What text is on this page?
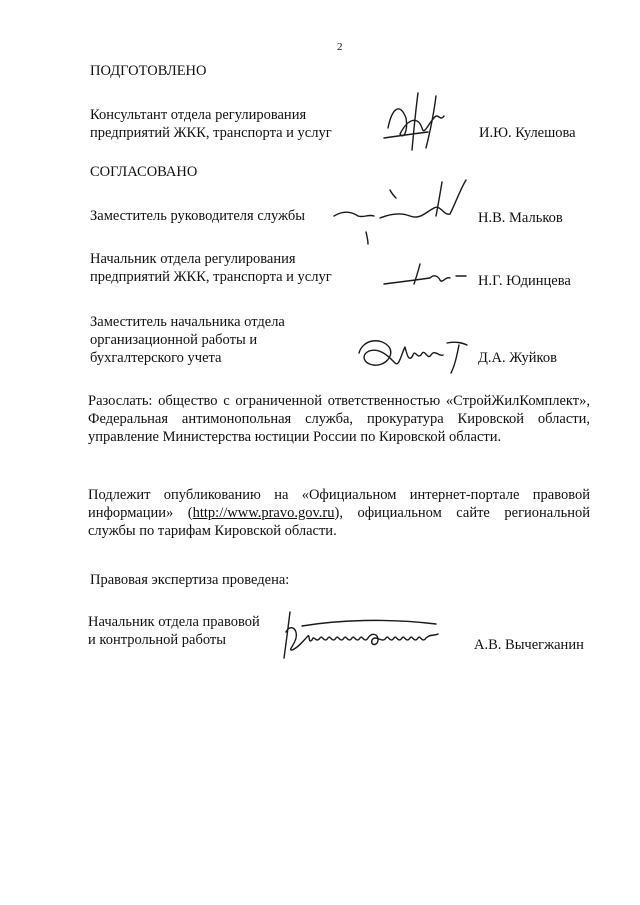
2
ПОДГОТОВЛЕНО
Консультант отдела регулирования
предприятий ЖКК, транспорта и услуг	И.Ю. Кулешова
СОГЛАСОВАНО
Заместитель руководителя службы	Н.В. Мальков
Начальник отдела регулирования
предприятий ЖКК, транспорта и услуг	Н.Г. Юдинцева
Заместитель начальника отдела
организационной работы и
бухгалтерского учета	Д.А. Жуйков
Разослать: общество с ограниченной ответственностью «СтройЖилКомплект», Федеральная антимонопольная служба, прокуратура Кировской области, управление Министерства юстиции России по Кировской области.
Подлежит опубликованию на «Официальном интернет-портале правовой информации» (http://www.pravo.gov.ru), официальном сайте региональной службы по тарифам Кировской области.
Правовая экспертиза проведена:
Начальник отдела правовой
и контрольной работы	А.В. Вычегжанин
